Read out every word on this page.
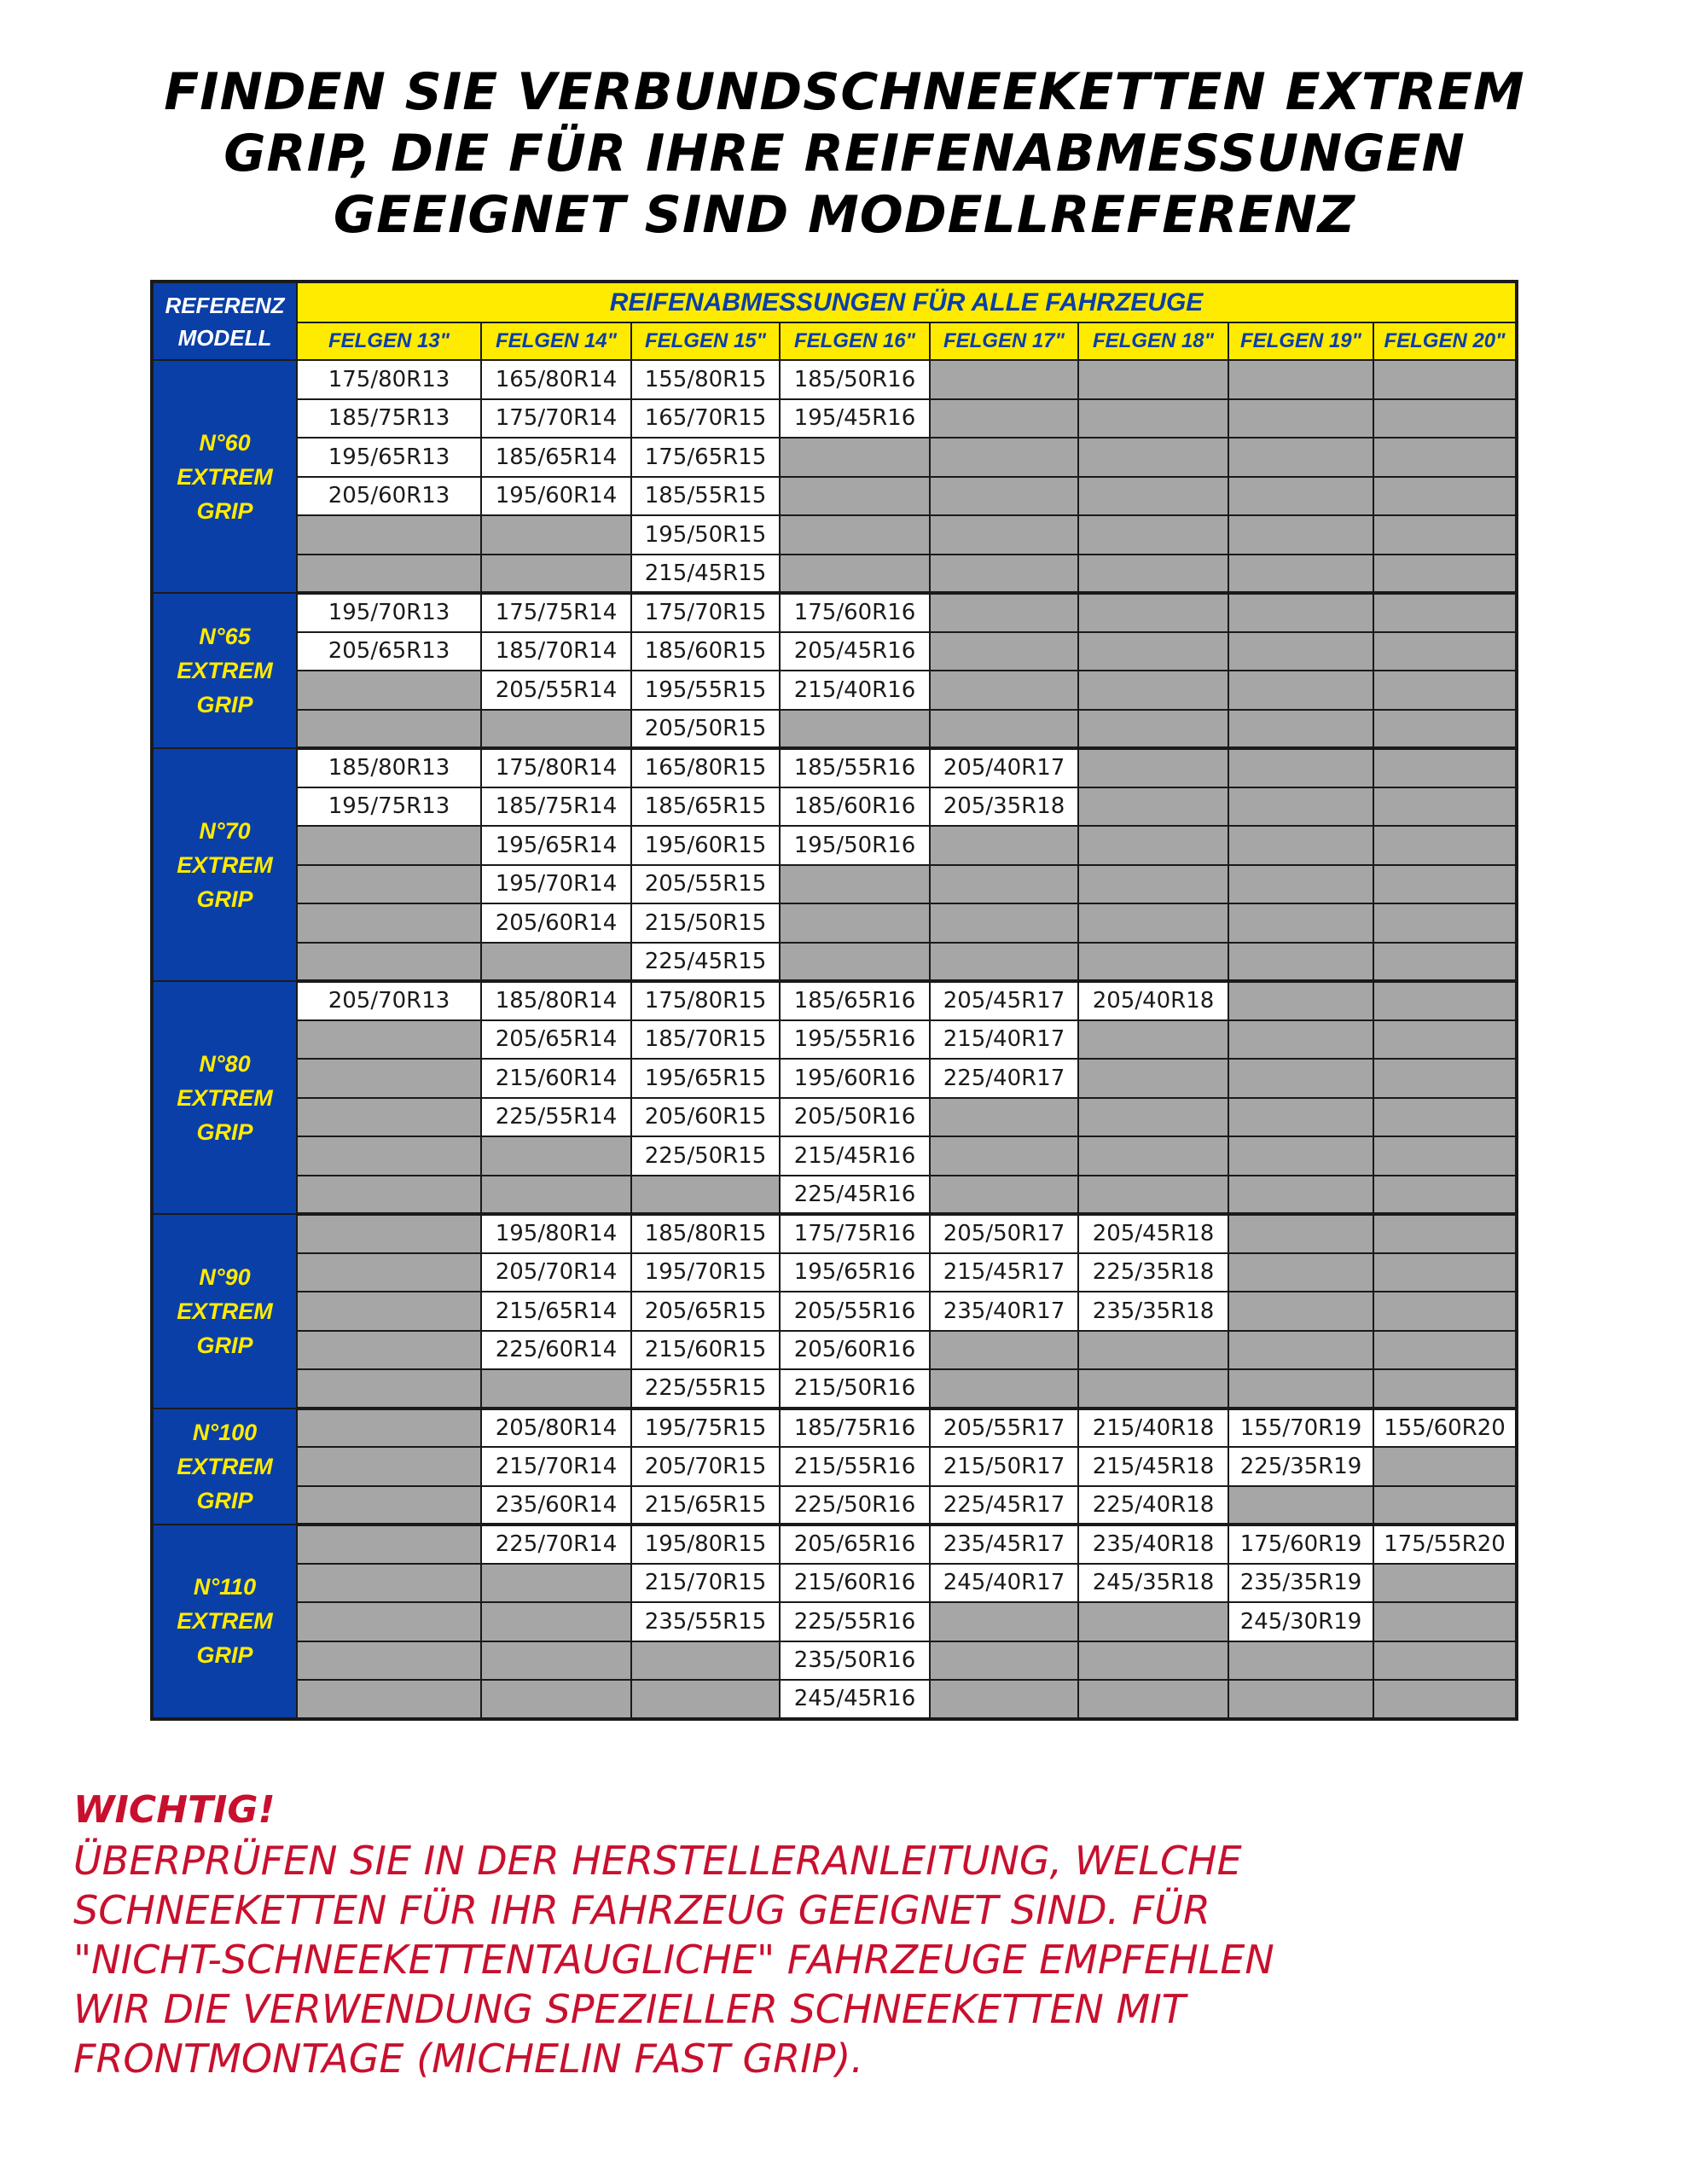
FINDEN SIE VERBUNDSCHNEEKETTEN EXTREM
GRIP, DIE FÜR IHRE REIFENABMESSUNGEN
GEEIGNET SIND MODELLREFERENZ
REFERENZ
MODELL	REIFENABMESSUNGEN FÜR ALLE FAHRZEUGE							
	FELGEN 13"	FELGEN 14"	FELGEN 15"	FELGEN 16"	FELGEN 17"	FELGEN 18"	FELGEN 19"	FELGEN 20"

N°60
EXTREM
GRIP	175/80R13	165/80R14	155/80R15	185/50R16				
	185/75R13	175/70R14	165/70R15	195/45R16				
	195/65R13	185/65R14	175/65R15					
	205/60R13	195/60R14	185/55R15					
			195/50R15					
			215/45R15					

N°65
EXTREM
GRIP	195/70R13	175/75R14	175/70R15	175/60R16				
	205/65R13	185/70R14	185/60R15	205/45R16				
		205/55R14	195/55R15	215/40R16				
			205/50R15					

N°70
EXTREM
GRIP	185/80R13	175/80R14	165/80R15	185/55R16	205/40R17			
	195/75R13	185/75R14	185/65R15	185/60R16	205/35R18			
		195/65R14	195/60R15	195/50R16				
		195/70R14	205/55R15					
		205/60R14	215/50R15					
			225/45R15					

N°80
EXTREM
GRIP	205/70R13	185/80R14	175/80R15	185/65R16	205/45R17	205/40R18		
		205/65R14	185/70R15	195/55R16	215/40R17			
		215/60R14	195/65R15	195/60R16	225/40R17			
		225/55R14	205/60R15	205/50R16				
			225/50R15	215/45R16				
				225/45R16				

N°90
EXTREM
GRIP		195/80R14	185/80R15	175/75R16	205/50R17	205/45R18		
		205/70R14	195/70R15	195/65R16	215/45R17	225/35R18		
		215/65R14	205/65R15	205/55R16	235/40R17	235/35R18		
		225/60R14	215/60R15	205/60R16				
			225/55R15	215/50R16				

N°100
EXTREM
GRIP		205/80R14	195/75R15	185/75R16	205/55R17	215/40R18	155/70R19	155/60R20
		215/70R14	205/70R15	215/55R16	215/50R17	215/45R18	225/35R19	
		235/60R14	215/65R15	225/50R16	225/45R17	225/40R18		

N°110
EXTREM
GRIP		225/70R14	195/80R15	205/65R16	235/45R17	235/40R18	175/60R19	175/55R20
			215/70R15	215/60R16	245/40R17	245/35R18	235/35R19	
			235/55R15	225/55R16			245/30R19	
				235/50R16				
				245/45R16				
WICHTIG!
ÜBERPRÜFEN SIE IN DER HERSTELLERANLEITUNG, WELCHE
SCHNEEKETTEN FÜR IHR FAHRZEUG GEEIGNET SIND. FÜR
"NICHT-SCHNEEKETTENTAUGLICHE" FAHRZEUGE EMPFEHLEN
WIR DIE VERWENDUNG SPEZIELLER SCHNEEKETTEN MIT
FRONTMONTAGE (MICHELIN FAST GRIP).
